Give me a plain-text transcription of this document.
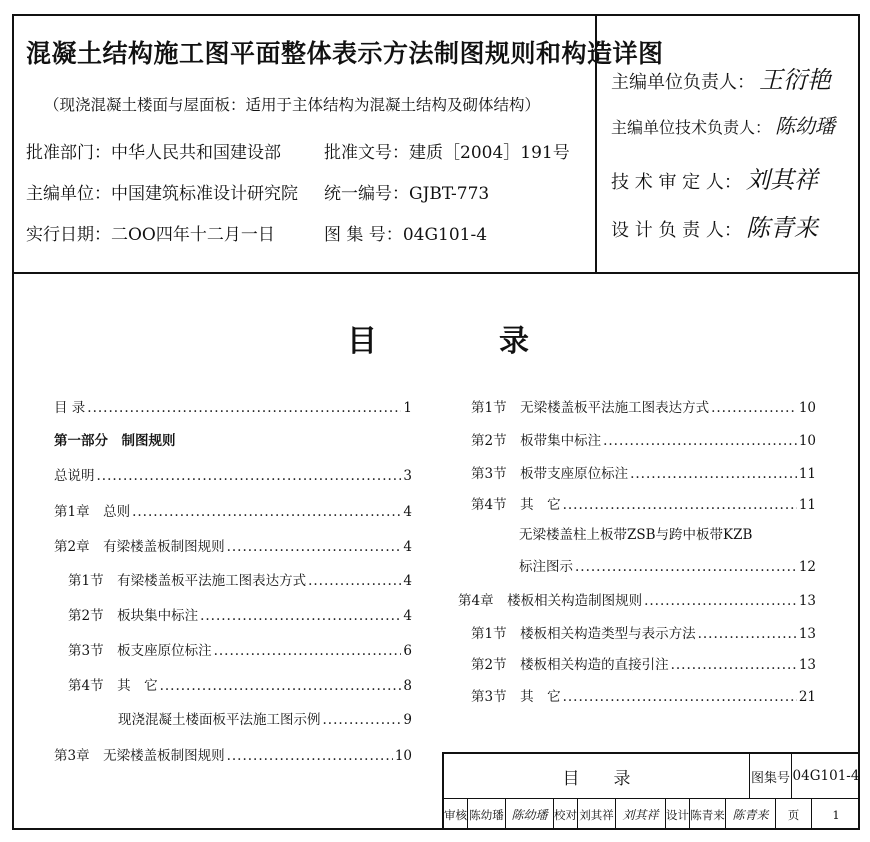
混凝土结构施工图平面整体表示方法制图规则和构造详图
（现浇混凝土楼面与屋面板：适用于主体结构为混凝土结构及砌体结构）
批准部门：中华人民共和国建设部	批准文号：建质［2004］191号
主编单位：中国建筑标准设计研究院 统一编号：GJBT-773
实行日期：二OO四年十二月一日	图 集 号：04G101-4
主编单位负责人： 王衍艳
主编单位技术负责人： 陈幼璠
技 术 审 定 人： 刘其祥
设 计 负 责 人： 陈青来
目	录
目 录 .....	1
第一部分　制图规则
总说明 .....	3
第1章　总则 .....	4
第2章　有梁楼盖板制图规则 .....	4
第1节　有梁楼盖板平法施工图表达方式 .....	4
第2节　板块集中标注 .....	4
第3节　板支座原位标注 .....	6
第4节　其　它 .....	8
现浇混凝土楼面板平法施工图示例 .....	9
第3章　无梁楼盖板制图规则 .....	10
第1节　无梁楼盖板平法施工图表达方式 .....	10
第2节　板带集中标注 .....	10
第3节　板带支座原位标注 .....	11
第4节　其　它 .....	11
无梁楼盖柱上板带ZSB与跨中板带KZB
标注图示 .....	12
第4章　楼板相关构造制图规则 .....	13
第1节　楼板相关构造类型与表示方法 .....	13
第2节　楼板相关构造的直接引注 .....	13
第3节　其　它 .....	21
目　　录	图集号 04G101-4
审核 陈幼璠 陈幼璠 校对 刘其祥 刘其祥 设计 陈青来 陈青来	页	1
